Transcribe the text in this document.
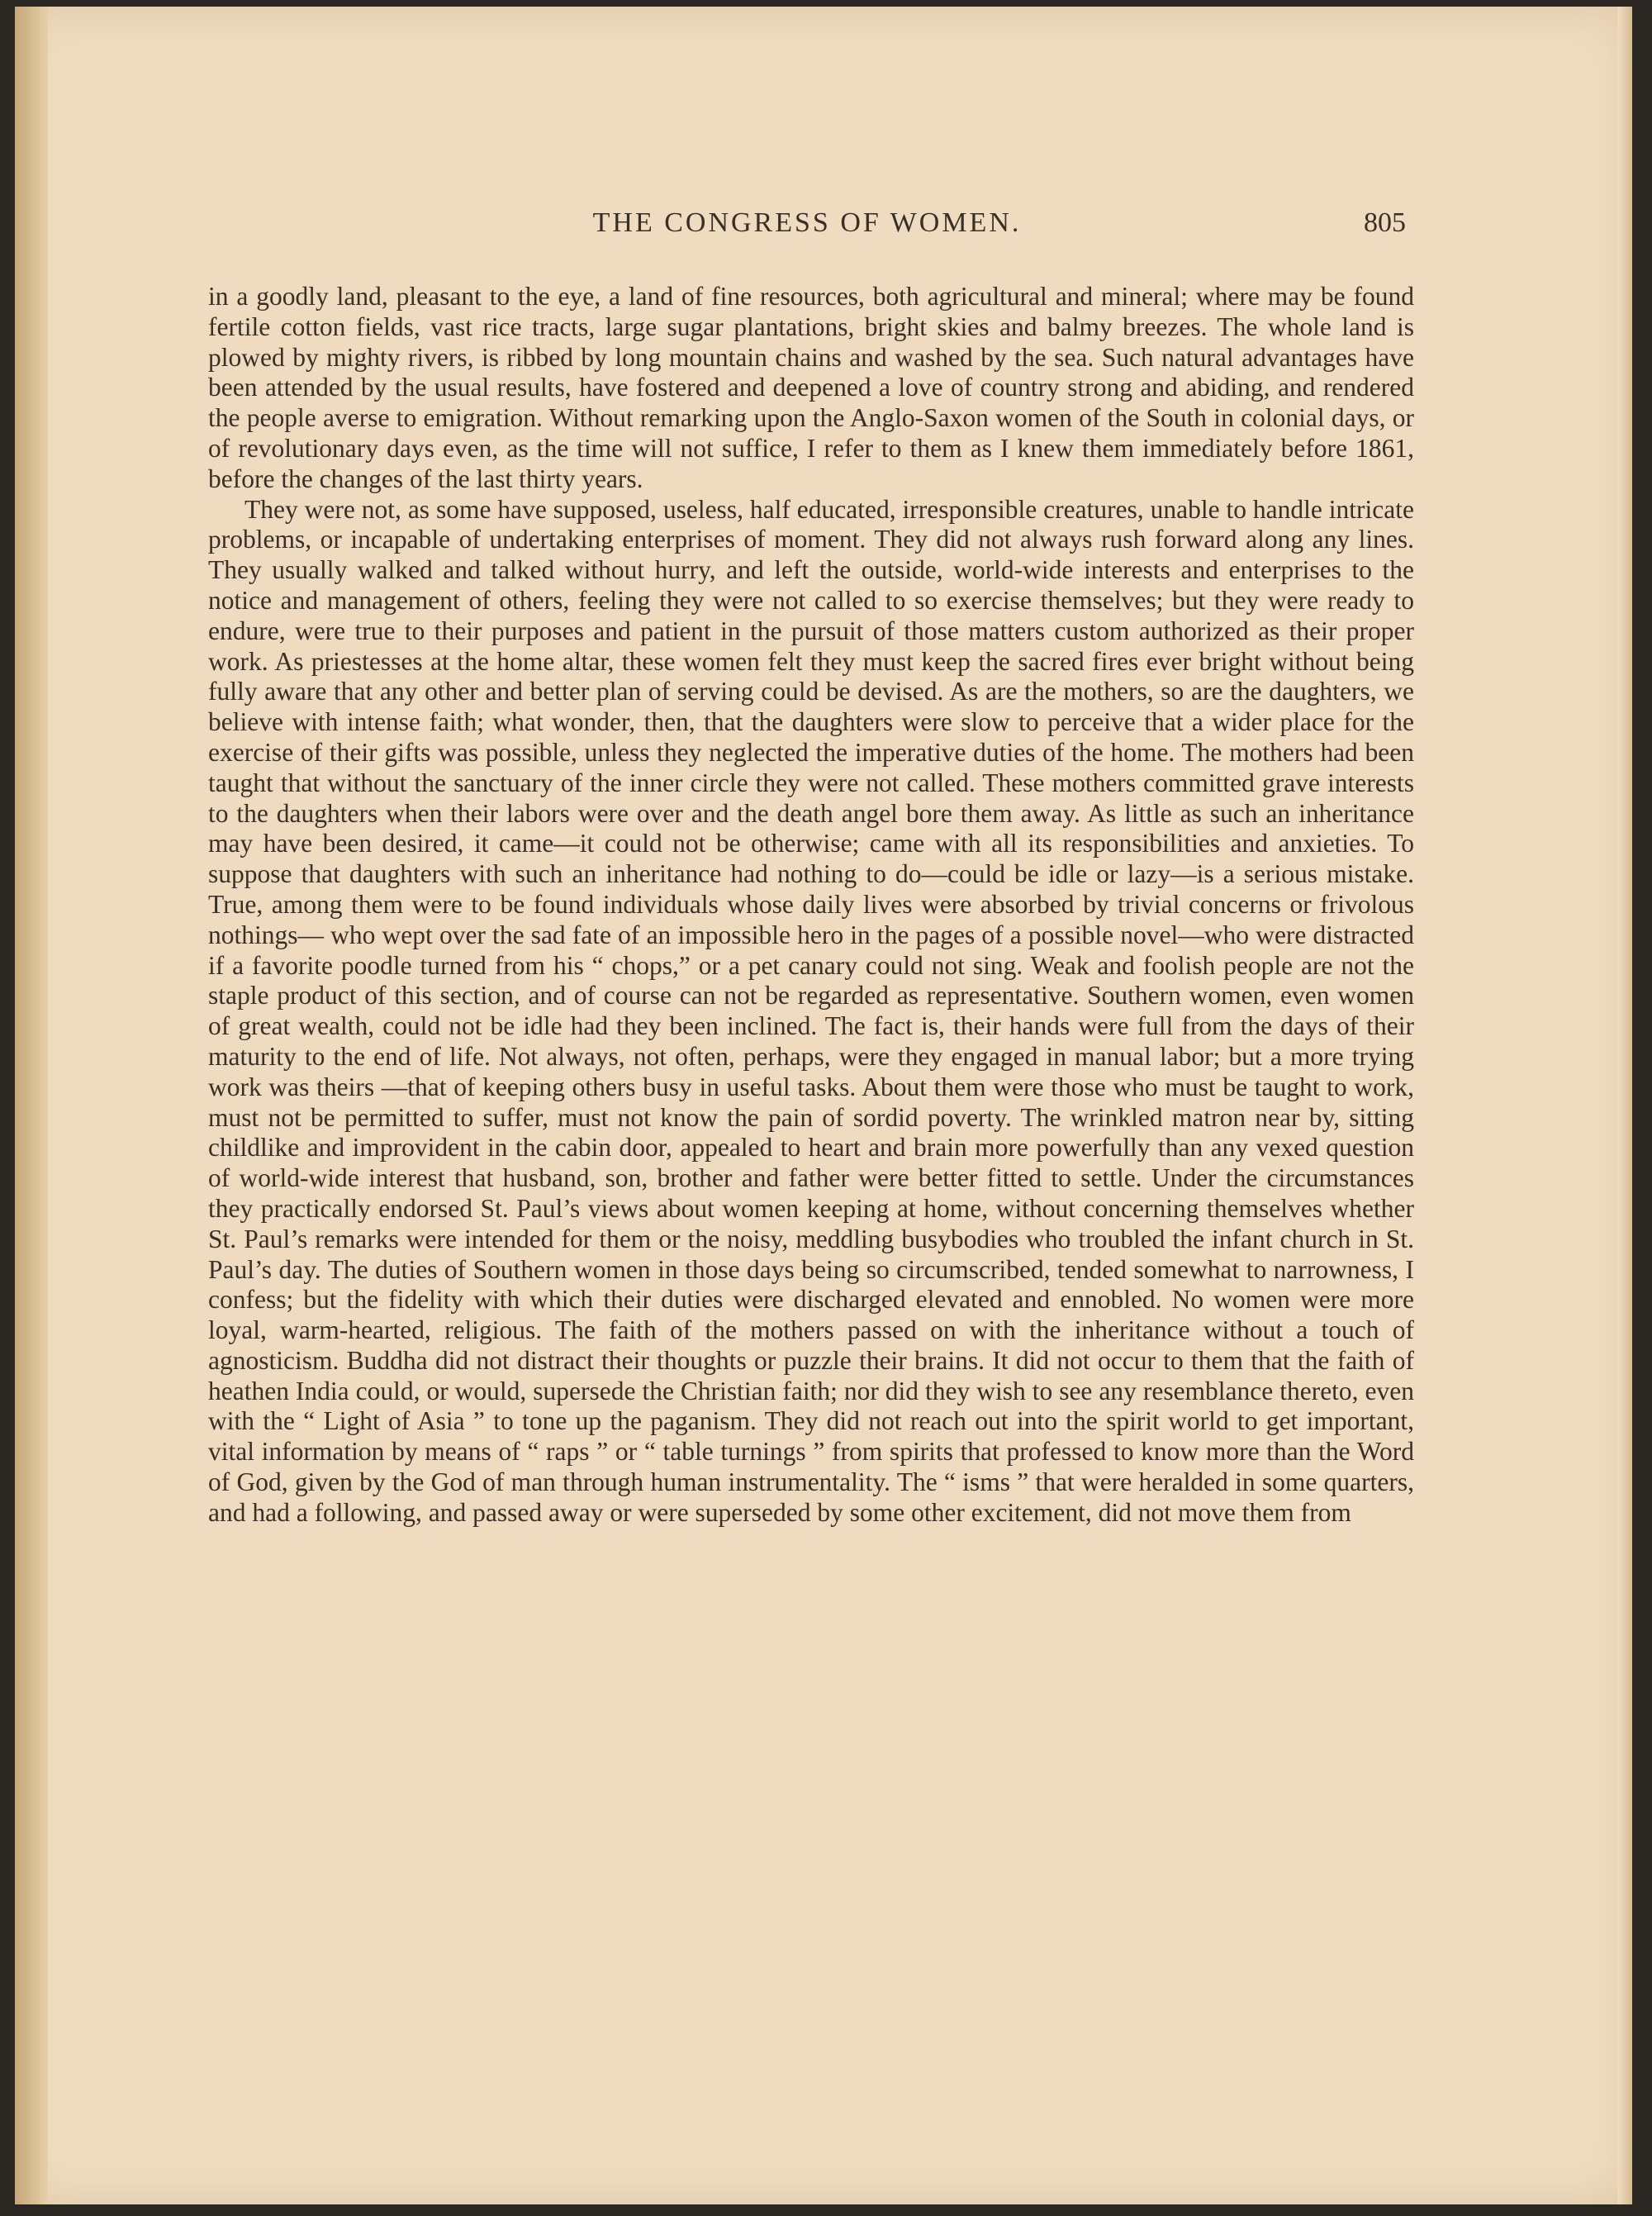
THE CONGRESS OF WOMEN.	805

in a goodly land, pleasant to the eye, a land of fine resources, both agricultural and mineral; where may be found fertile cotton fields, vast rice tracts, large sugar plantations, bright skies and balmy breezes. The whole land is plowed by mighty rivers, is ribbed by long mountain chains and washed by the sea. Such natural advantages have been attended by the usual results, have fostered and deepened a love of country strong and abiding, and rendered the people averse to emigration. Without remarking upon the Anglo-Saxon women of the South in colonial days, or of revolutionary days even, as the time will not suffice, I refer to them as I knew them immediately before 1861, before the changes of the last thirty years.

They were not, as some have supposed, useless, half educated, irresponsible creatures, unable to handle intricate problems, or incapable of undertaking enterprises of moment. They did not always rush forward along any lines. They usually walked and talked without hurry, and left the outside, world-wide interests and enterprises to the notice and management of others, feeling they were not called to so exercise themselves; but they were ready to endure, were true to their purposes and patient in the pursuit of those matters custom authorized as their proper work. As priestesses at the home altar, these women felt they must keep the sacred fires ever bright without being fully aware that any other and better plan of serving could be devised. As are the mothers, so are the daughters, we believe with intense faith; what wonder, then, that the daughters were slow to perceive that a wider place for the exercise of their gifts was possible, unless they neglected the imperative duties of the home. The mothers had been taught that without the sanctuary of the inner circle they were not called. These mothers committed grave interests to the daughters when their labors were over and the death angel bore them away. As little as such an inheritance may have been desired, it came—it could not be otherwise; came with all its responsibilities and anxieties. To suppose that daughters with such an inheritance had nothing to do—could be idle or lazy—is a serious mistake. True, among them were to be found individuals whose daily lives were absorbed by trivial concerns or frivolous nothings— who wept over the sad fate of an impossible hero in the pages of a possible novel—who were distracted if a favorite poodle turned from his “ chops,” or a pet canary could not sing. Weak and foolish people are not the staple product of this section, and of course can not be regarded as representative. Southern women, even women of great wealth, could not be idle had they been inclined. The fact is, their hands were full from the days of their maturity to the end of life. Not always, not often, perhaps, were they engaged in manual labor; but a more trying work was theirs —that of keeping others busy in useful tasks. About them were those who must be taught to work, must not be permitted to suffer, must not know the pain of sordid poverty. The wrinkled matron near by, sitting childlike and improvident in the cabin door, appealed to heart and brain more powerfully than any vexed question of world-wide interest that husband, son, brother and father were better fitted to settle. Under the circumstances they practically endorsed St. Paul’s views about women keeping at home, without concerning themselves whether St. Paul’s remarks were intended for them or the noisy, meddling busybodies who troubled the infant church in St. Paul’s day. The duties of Southern women in those days being so circumscribed, tended somewhat to narrowness, I confess; but the fidelity with which their duties were discharged elevated and ennobled. No women were more loyal, warm-hearted, religious. The faith of the mothers passed on with the inheritance without a touch of agnosticism. Buddha did not distract their thoughts or puzzle their brains. It did not occur to them that the faith of heathen India could, or would, supersede the Christian faith; nor did they wish to see any resemblance thereto, even with the “ Light of Asia ” to tone up the paganism. They did not reach out into the spirit world to get important, vital information by means of “ raps ” or “ table turnings ” from spirits that professed to know more than the Word of God, given by the God of man through human instrumentality. The “ isms ” that were heralded in some quarters, and had a following, and passed away or were superseded by some other excitement, did not move them from
